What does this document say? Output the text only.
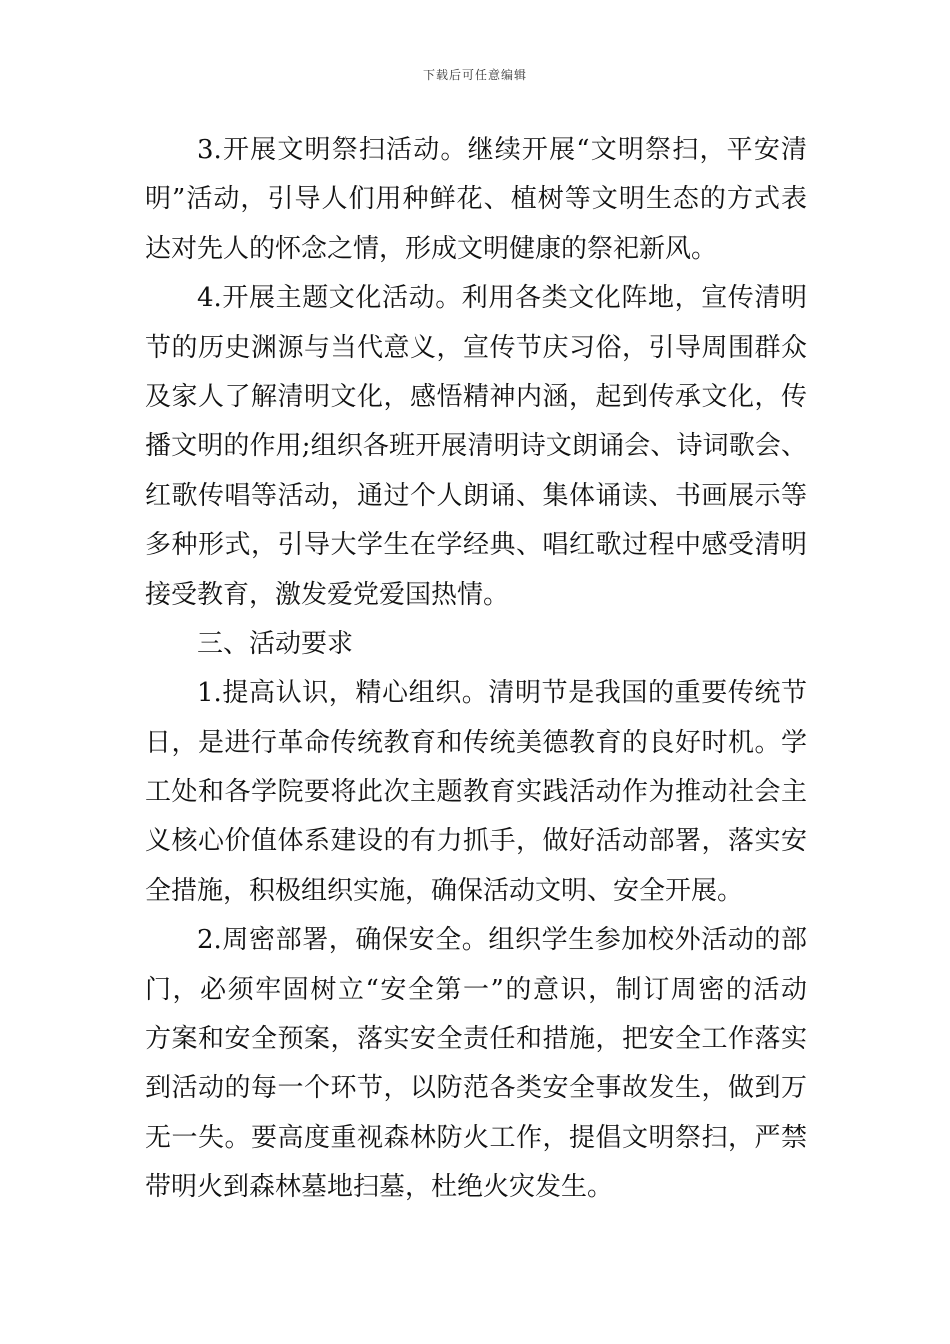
下载后可任意编辑
3.开展文明祭扫活动。继续开展“文明祭扫，平安清
明”活动，引导人们用种鲜花、植树等文明生态的方式表
达对先人的怀念之情，形成文明健康的祭祀新风。
4.开展主题文化活动。利用各类文化阵地，宣传清明
节的历史渊源与当代意义，宣传节庆习俗，引导周围群众
及家人了解清明文化，感悟精神内涵，起到传承文化，传
播文明的作用;组织各班开展清明诗文朗诵会、诗词歌会、
红歌传唱等活动，通过个人朗诵、集体诵读、书画展示等
多种形式，引导大学生在学经典、唱红歌过程中感受清明
接受教育，激发爱党爱国热情。
三、活动要求
1.提高认识，精心组织。清明节是我国的重要传统节
日，是进行革命传统教育和传统美德教育的良好时机。学
工处和各学院要将此次主题教育实践活动作为推动社会主
义核心价值体系建设的有力抓手，做好活动部署，落实安
全措施，积极组织实施，确保活动文明、安全开展。
2.周密部署，确保安全。组织学生参加校外活动的部
门，必须牢固树立“安全第一”的意识，制订周密的活动
方案和安全预案，落实安全责任和措施，把安全工作落实
到活动的每一个环节，以防范各类安全事故发生，做到万
无一失。要高度重视森林防火工作，提倡文明祭扫，严禁
带明火到森林墓地扫墓，杜绝火灾发生。
